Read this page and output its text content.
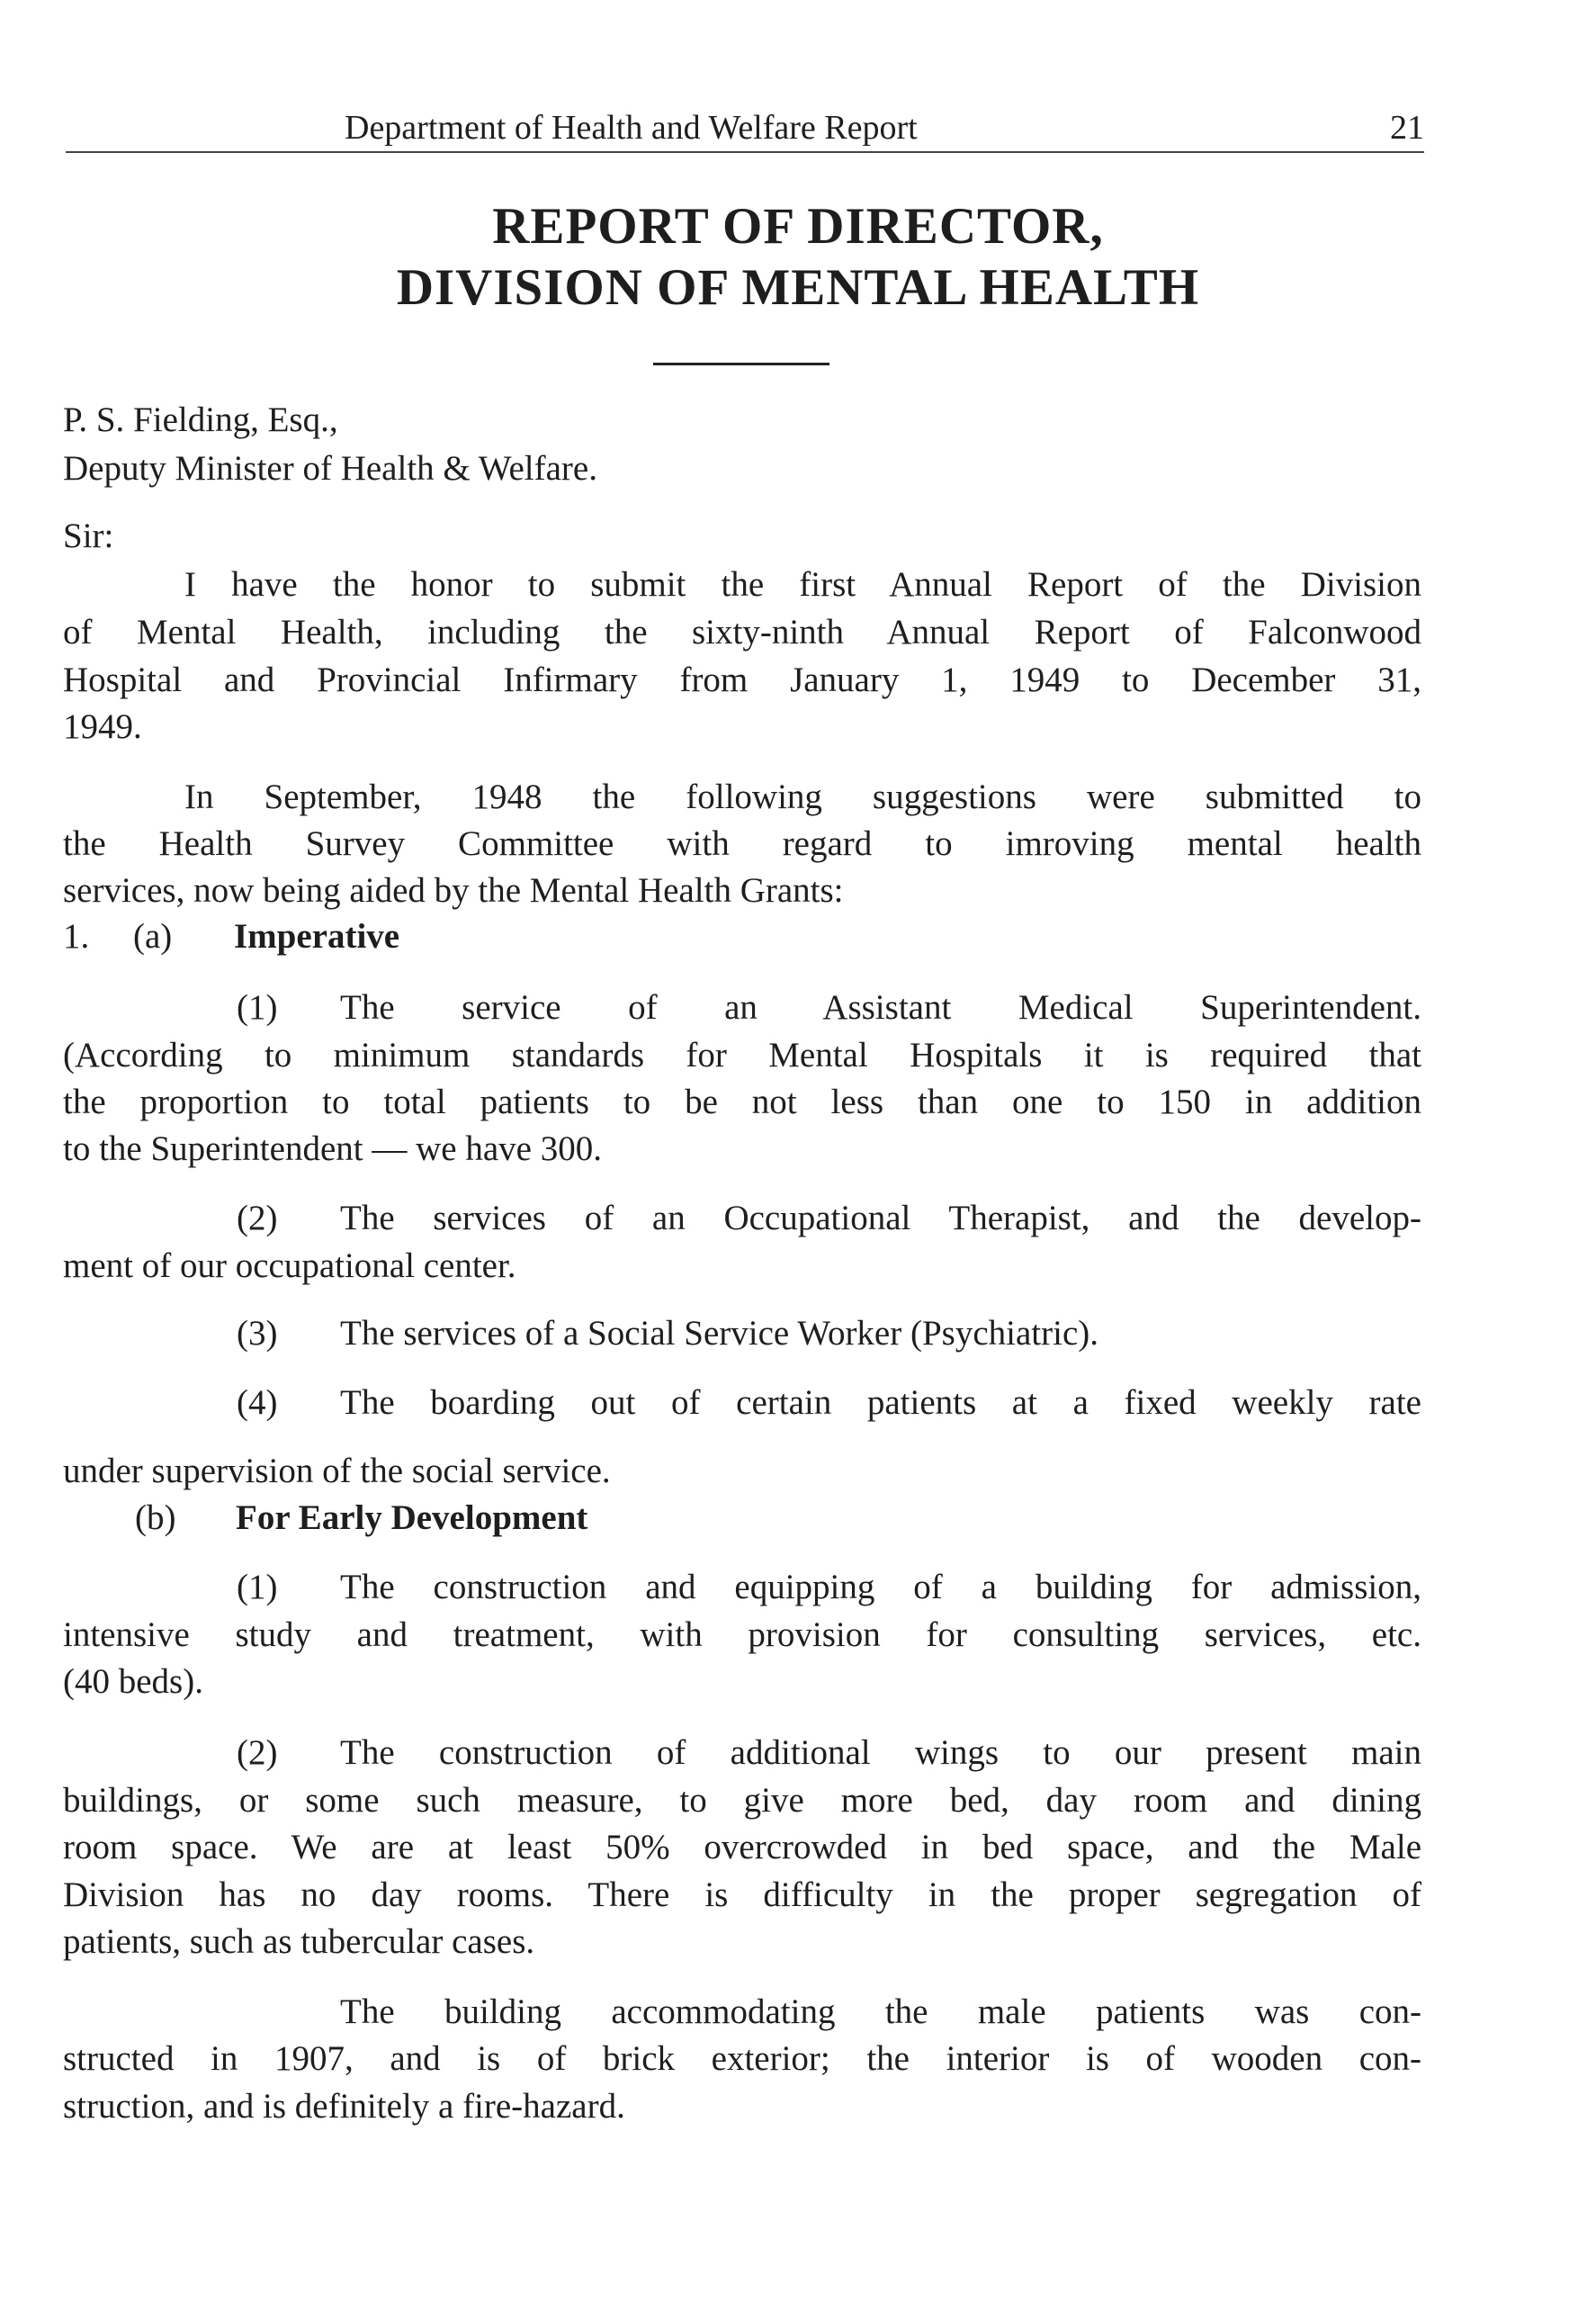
Department of Health and Welfare Report	21
REPORT OF DIRECTOR,
DIVISION OF MENTAL HEALTH
P. S. Fielding, Esq.,
Deputy Minister of Health & Welfare.
Sir:
I have the honor to submit the first Annual Report of the Division
of Mental Health, including the sixty-ninth Annual Report of Falconwood
Hospital and Provincial Infirmary from January 1, 1949 to December 31,
1949.
In September, 1948 the following suggestions were submitted to
the Health Survey Committee with regard to imroving mental health
services, now being aided by the Mental Health Grants:
1. (a) Imperative
(1) The service of an Assistant Medical Superintendent.
(According to minimum standards for Mental Hospitals it is required that
the proportion to total patients to be not less than one to 150 in addition
to the Superintendent — we have 300.
(2) The services of an Occupational Therapist, and the develop-
ment of our occupational center.
(3) The services of a Social Service Worker (Psychiatric).
(4) The boarding out of certain patients at a fixed weekly rate
under supervision of the social service.
(b) For Early Development
(1) The construction and equipping of a building for admission,
intensive study and treatment, with provision for consulting services, etc.
(40 beds).
(2) The construction of additional wings to our present main
buildings, or some such measure, to give more bed, day room and dining
room space. We are at least 50% overcrowded in bed space, and the Male
Division has no day rooms. There is difficulty in the proper segregation of
patients, such as tubercular cases.
The building accommodating the male patients was con-
structed in 1907, and is of brick exterior; the interior is of wooden con-
struction, and is definitely a fire-hazard.
